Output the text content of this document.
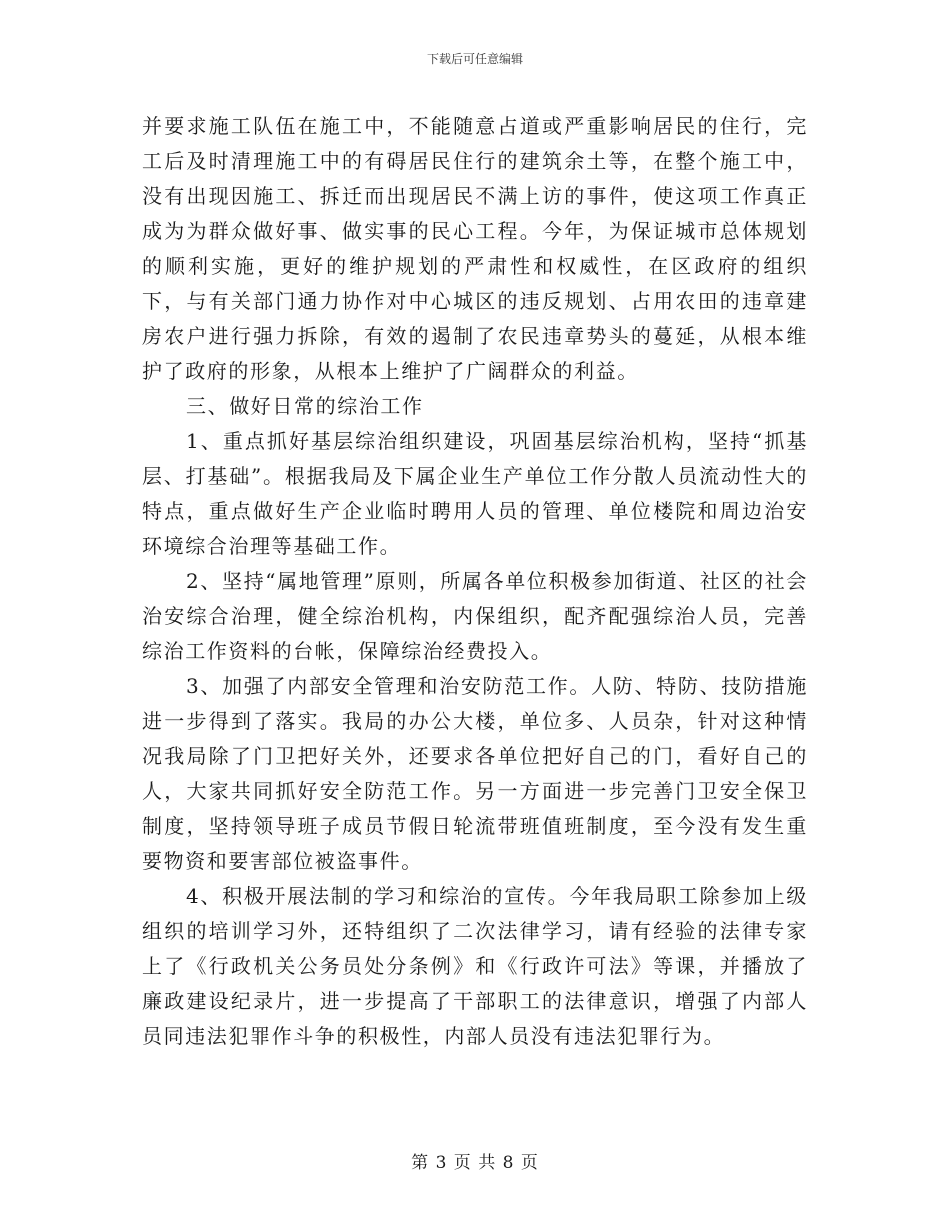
下载后可任意编辑

并要求施工队伍在施工中，不能随意占道或严重影响居民的住行，完工后及时清理施工中的有碍居民住行的建筑余土等，在整个施工中，没有出现因施工、拆迁而出现居民不满上访的事件，使这项工作真正成为为群众做好事、做实事的民心工程。今年，为保证城市总体规划的顺利实施，更好的维护规划的严肃性和权威性，在区政府的组织下，与有关部门通力协作对中心城区的违反规划、占用农田的违章建房农户进行强力拆除，有效的遏制了农民违章势头的蔓延，从根本维护了政府的形象，从根本上维护了广阔群众的利益。

三、做好日常的综治工作

1、重点抓好基层综治组织建设，巩固基层综治机构，坚持“抓基层、打基础”。根据我局及下属企业生产单位工作分散人员流动性大的特点，重点做好生产企业临时聘用人员的管理、单位楼院和周边治安环境综合治理等基础工作。

2、坚持“属地管理”原则，所属各单位积极参加街道、社区的社会治安综合治理，健全综治机构，内保组织，配齐配强综治人员，完善综治工作资料的台帐，保障综治经费投入。

3、加强了内部安全管理和治安防范工作。人防、特防、技防措施进一步得到了落实。我局的办公大楼，单位多、人员杂，针对这种情况我局除了门卫把好关外，还要求各单位把好自己的门，看好自己的人，大家共同抓好安全防范工作。另一方面进一步完善门卫安全保卫制度，坚持领导班子成员节假日轮流带班值班制度，至今没有发生重要物资和要害部位被盗事件。

4、积极开展法制的学习和综治的宣传。今年我局职工除参加上级组织的培训学习外，还特组织了二次法律学习，请有经验的法律专家上了《行政机关公务员处分条例》和《行政许可法》等课，并播放了廉政建设纪录片，进一步提高了干部职工的法律意识，增强了内部人员同违法犯罪作斗争的积极性，内部人员没有违法犯罪行为。

第 3 页 共 8 页
